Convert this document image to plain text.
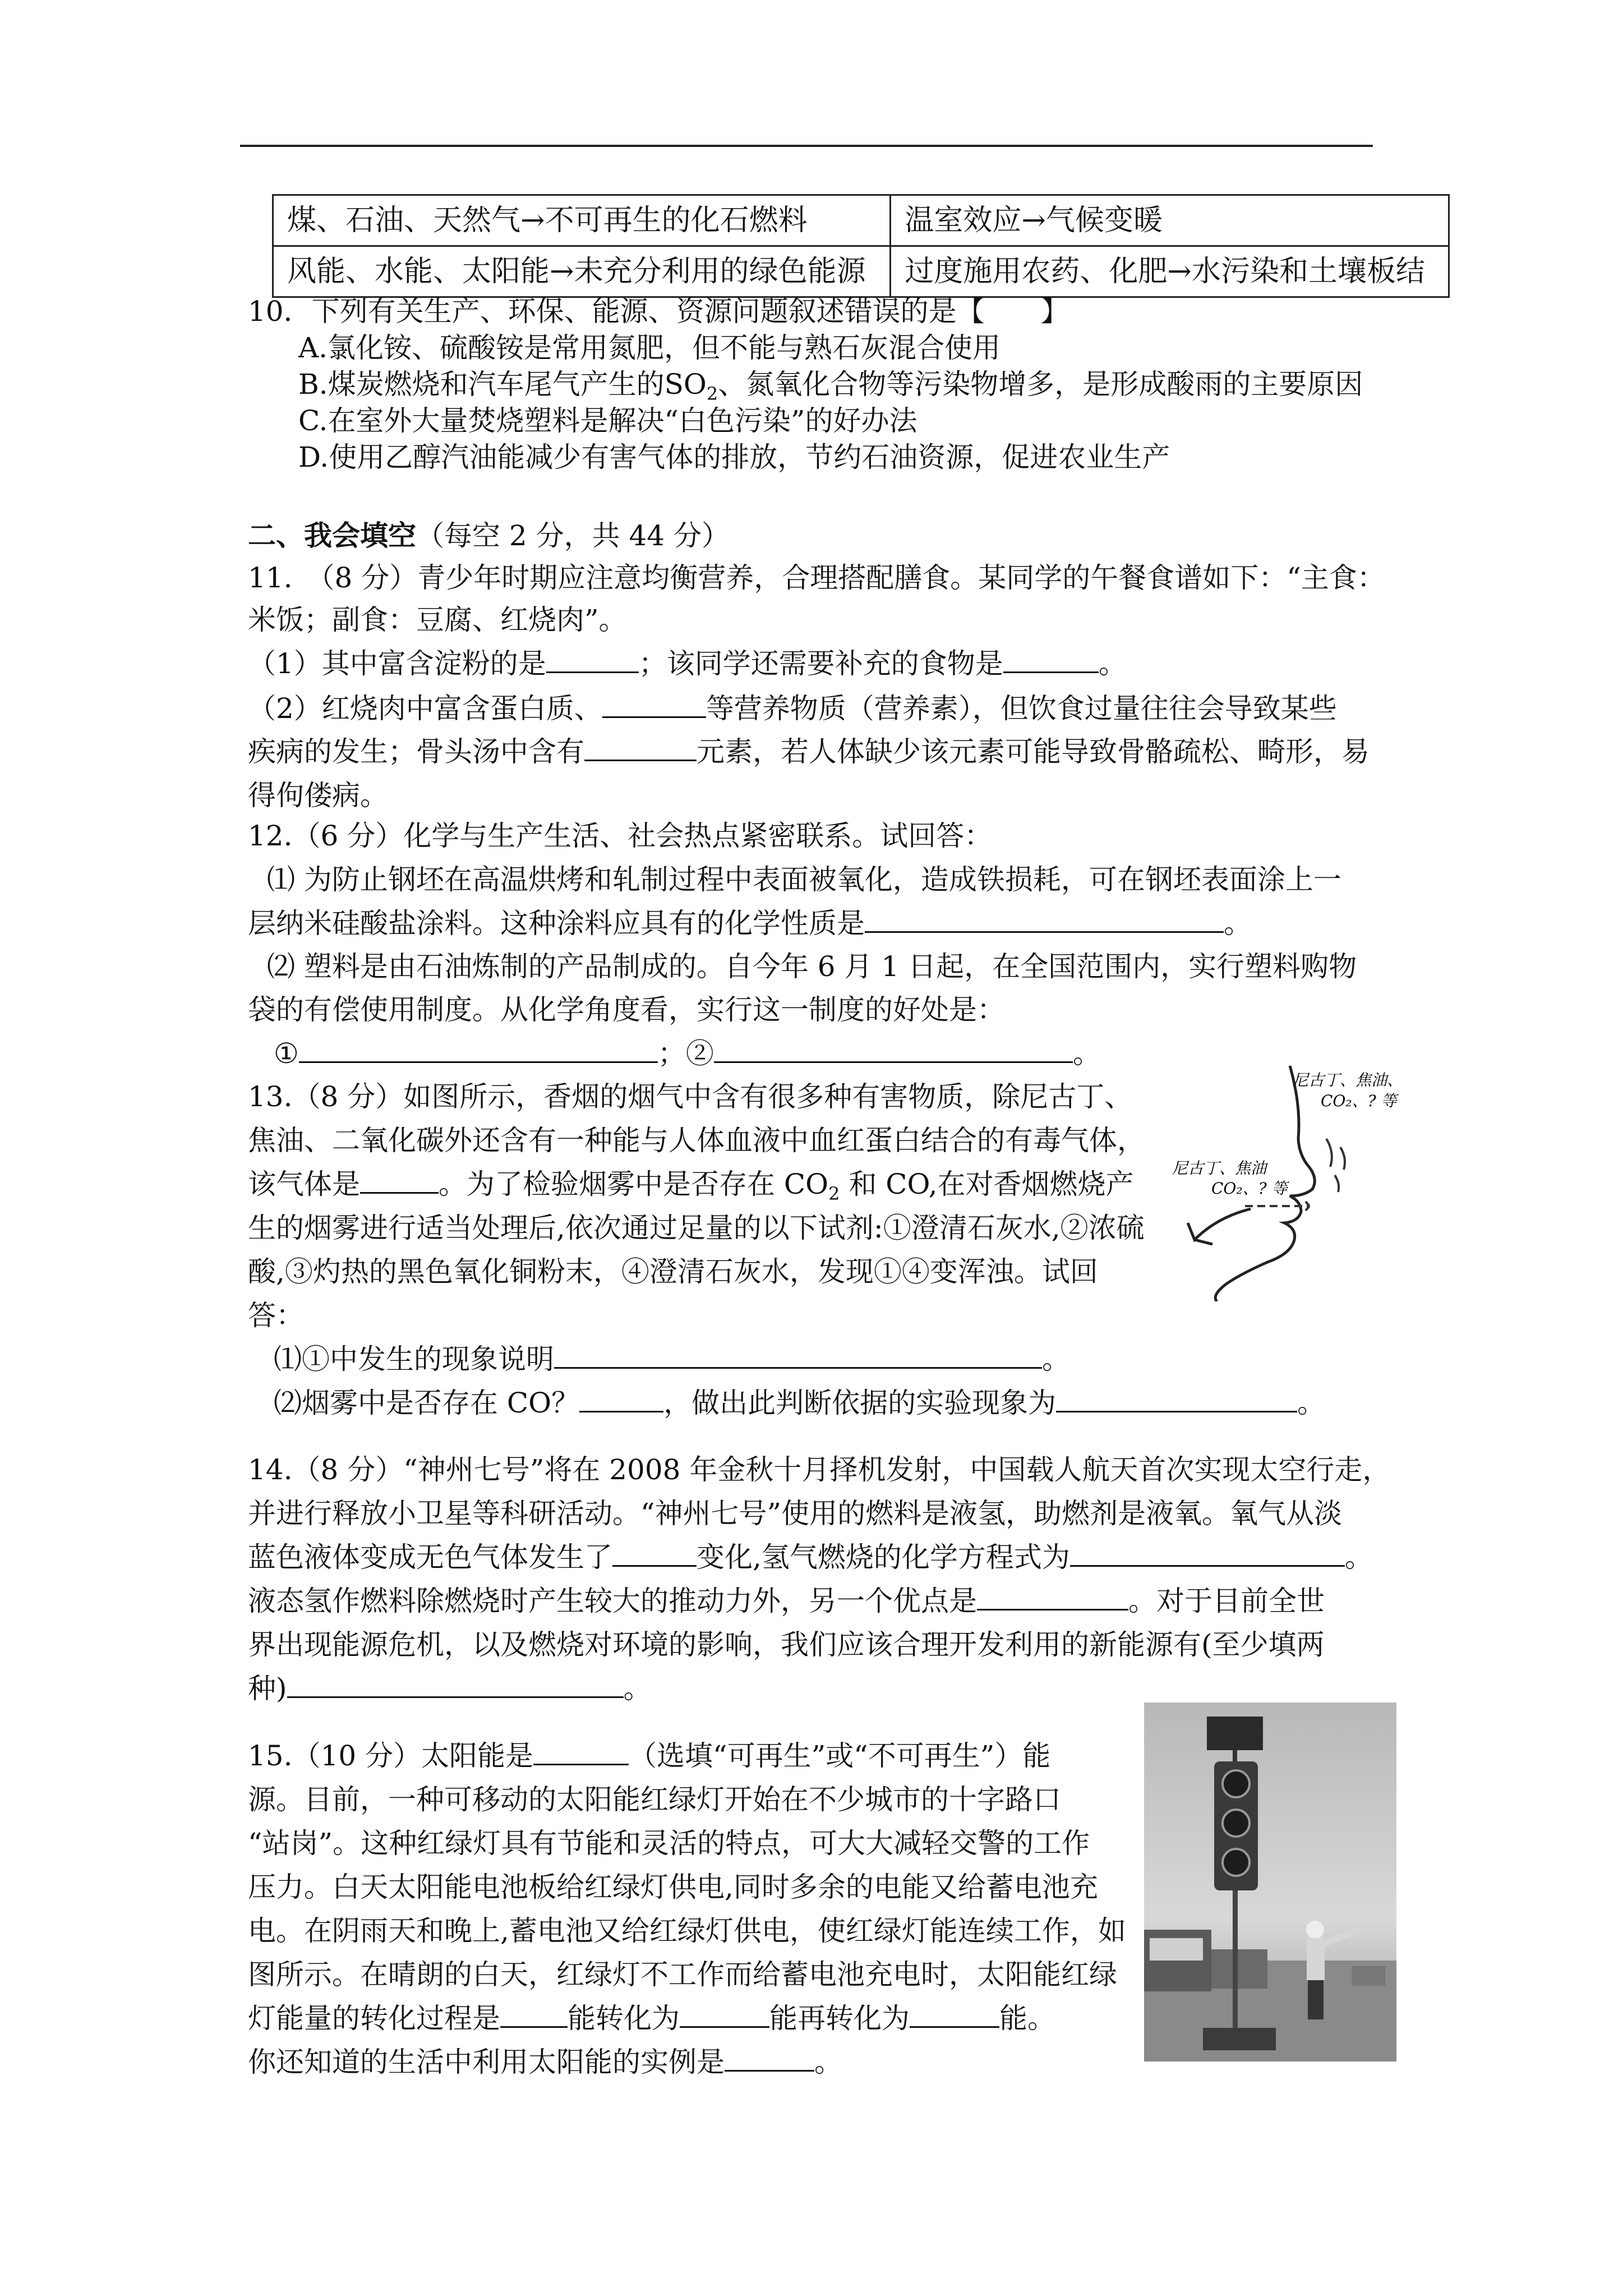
煤、石油、天然气→不可再生的化石燃料	温室效应→气候变暖
风能、水能、太阳能→未充分利用的绿色能源	过度施用农药、化肥→水污染和土壤板结
10．下列有关生产、环保、能源、资源问题叙述错误的是【　　】
A.氯化铵、硫酸铵是常用氮肥，但不能与熟石灰混合使用
B.煤炭燃烧和汽车尾气产生的$SO_2$、氮氧化合物等污染物增多，是形成酸雨的主要原因
C.在室外大量焚烧塑料是解决“白色污染”的好办法
D.使用乙醇汽油能减少有害气体的排放，节约石油资源，促进农业生产
二、我会填空（每空 2 分，共 44 分）
11.　（8 分）青少年时期应注意均衡营养，合理搭配膳食。某同学的午餐食谱如下：“主食：
米饭；副食：豆腐、红烧肉”。
（1）其中富含淀粉的是	；该同学还需要补充的食物是	。
（2）红烧肉中富含蛋白质、	等营养物质（营养素），但饮食过量往往会导致某些
疾病的发生；骨头汤中含有	元素，若人体缺少该元素可能导致骨骼疏松、畸形，易
得佝偻病。
12.（6 分）化学与生产生活、社会热点紧密联系。试回答：
⑴ 为防止钢坯在高温烘烤和轧制过程中表面被氧化，造成铁损耗，可在钢坯表面涂上一
层纳米硅酸盐涂料。这种涂料应具有的化学性质是	。
⑵ 塑料是由石油炼制的产品制成的。自今年 6 月 1 日起，在全国范围内，实行塑料购物
袋的有偿使用制度。从化学角度看，实行这一制度的好处是：
①	；②	。
13.（8 分）如图所示，香烟的烟气中含有很多种有害物质，除尼古丁、
焦油、二氧化碳外还含有一种能与人体血液中血红蛋白结合的有毒气体，
该气体是	。为了检验烟雾中是否存在 $CO_2$ 和 CO,在对香烟燃烧产
生的烟雾进行适当处理后,依次通过足量的以下试剂:①澄清石灰水,②浓硫
酸,③灼热的黑色氧化铜粉末，④澄清石灰水，发现①④变浑浊。试回
答：
⑴①中发生的现象说明	。
⑵烟雾中是否存在 CO？	，做出此判断依据的实验现象为	。
尼古丁、焦油、
CO₂、? 等
尼古丁、焦油
CO₂、? 等
14.（8 分）“神州七号”将在 2008 年金秋十月择机发射，中国载人航天首次实现太空行走，
并进行释放小卫星等科研活动。“神州七号”使用的燃料是液氢，助燃剂是液氧。氧气从淡
蓝色液体变成无色气体发生了	变化,氢气燃烧的化学方程式为	。
液态氢作燃料除燃烧时产生较大的推动力外，另一个优点是	。对于目前全世
界出现能源危机，以及燃烧对环境的影响，我们应该合理开发利用的新能源有(至少填两
种)	。
15.（10 分）太阳能是	（选填“可再生”或“不可再生”）能
源。目前，一种可移动的太阳能红绿灯开始在不少城市的十字路口
“站岗”。这种红绿灯具有节能和灵活的特点，可大大减轻交警的工作
压力。白天太阳能电池板给红绿灯供电,同时多余的电能又给蓄电池充
电。在阴雨天和晚上,蓄电池又给红绿灯供电，使红绿灯能连续工作，如
图所示。在晴朗的白天，红绿灯不工作而给蓄电池充电时，太阳能红绿
灯能量的转化过程是 能转化为	能再转化为	能。
你还知道的生活中利用太阳能的实例是	。
